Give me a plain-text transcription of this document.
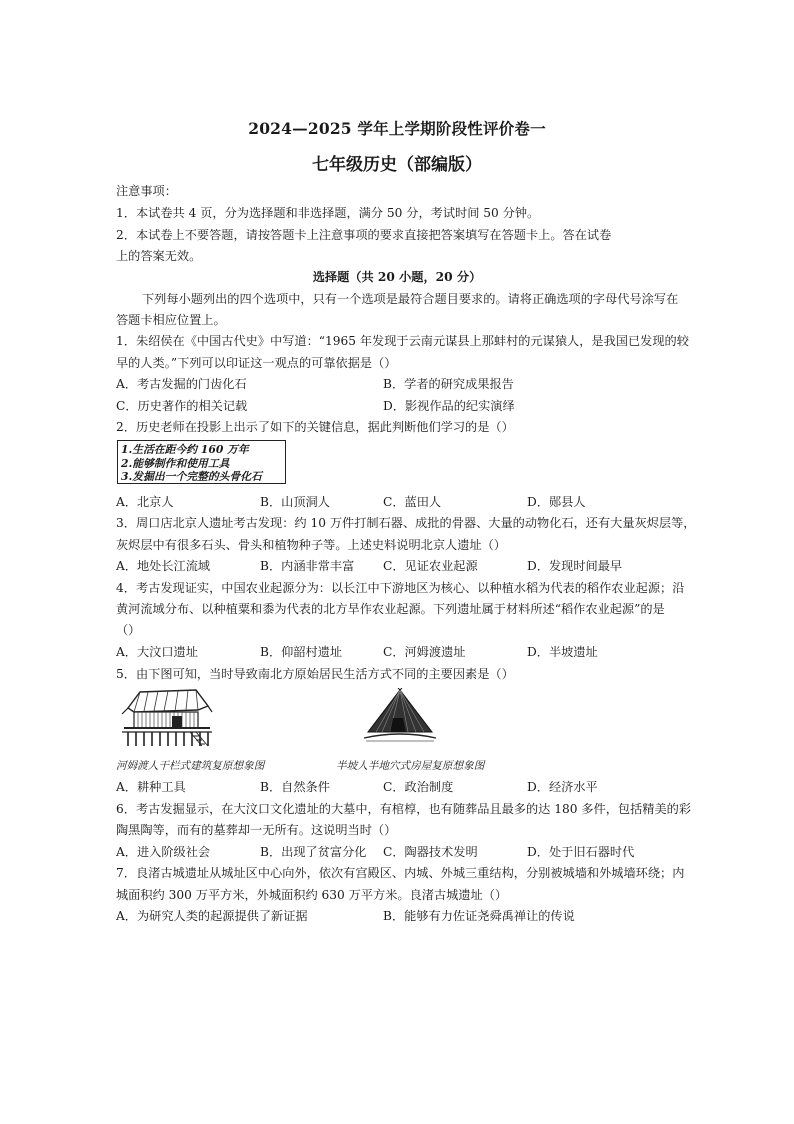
2024—2025 学年上学期阶段性评价卷一
七年级历史（部编版）
注意事项：
1．本试卷共 4 页，分为选择题和非选择题，满分 50 分，考试时间 50 分钟。
2．本试卷上不要答题，请按答题卡上注意事项的要求直接把答案填写在答题卡上。答在试卷
上的答案无效。
选择题（共 20 小题，20 分）
下列每小题列出的四个选项中，只有一个选项是最符合题目要求的。请将正确选项的字母代号涂写在
答题卡相应位置上。
1．朱绍侯在《中国古代史》中写道：“1965 年发现于云南元谋县上那蚌村的元谋猿人，是我国已发现的较
早的人类。”下列可以印证这一观点的可靠依据是（）
A．考古发掘的门齿化石	B．学者的研究成果报告
C．历史著作的相关记载	D．影视作品的纪实演绎
2．历史老师在投影上出示了如下的关键信息，据此判断他们学习的是（）
1.生活在距今约 160 万年
2.能够制作和使用工具
3.发掘出一个完整的头骨化石
A．北京人	B．山顶洞人	C．蓝田人	D．郧县人
3．周口店北京人遗址考古发现：约 10 万件打制石器、成批的骨器、大量的动物化石，还有大量灰烬层等，
灰烬层中有很多石头、骨头和植物种子等。上述史料说明北京人遗址（）
A．地处长江流域	B．内涵非常丰富 C．见证农业起源	D．发现时间最早
4．考古发现证实，中国农业起源分为：以长江中下游地区为核心、以种植水稻为代表的稻作农业起源；沿
黄河流域分布、以种植粟和黍为代表的北方旱作农业起源。下列遗址属于材料所述“稻作农业起源”的是
（）
A．大汶口遗址	B．仰韶村遗址	C．河姆渡遗址	D．半坡遗址
5．由下图可知，当时导致南北方原始居民生活方式不同的主要因素是（）
河姆渡人干栏式建筑复原想象图	半坡人半地穴式房屋复原想象图
A．耕种工具	B．自然条件	C．政治制度	D．经济水平
6．考古发掘显示，在大汶口文化遗址的大墓中，有棺椁，也有随葬品且最多的达 180 多件，包括精美的彩
陶黑陶等，而有的墓葬却一无所有。这说明当时（）
A．进入阶级社会	B．出现了贫富分化 C．陶器技术发明	D．处于旧石器时代
7．良渚古城遗址从城址区中心向外，依次有宫殿区、内城、外城三重结构，分别被城墙和外城墙环绕；内
城面积约 300 万平方米，外城面积约 630 万平方米。良渚古城遗址（）
A．为研究人类的起源提供了新证据	B．能够有力佐证尧舜禹禅让的传说
